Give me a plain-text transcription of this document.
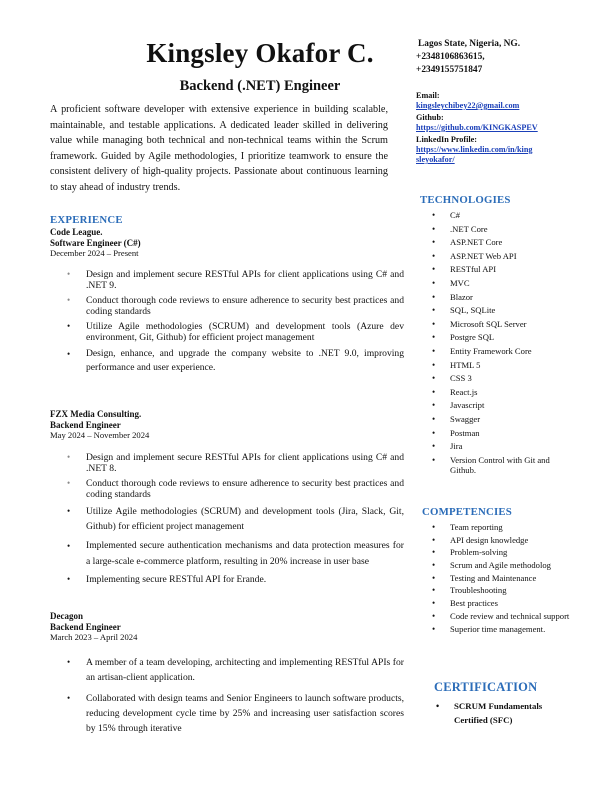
Kingsley Okafor C.
Backend (.NET) Engineer
A proficient software developer with extensive experience in building scalable, maintainable, and testable applications. A dedicated leader skilled in delivering value while managing both technical and non-technical teams within the Scrum framework. Guided by Agile methodologies, I prioritize teamwork to ensure the consistent delivery of high-quality projects. Passionate about continuous learning to stay ahead of industry trends.
EXPERIENCE
Code League.
Software Engineer (C#)
December 2024 – Present
• Design and implement secure RESTful APIs for client applications using C# and .NET 9.
• Conduct thorough code reviews to ensure adherence to security best practices and coding standards
• Utilize Agile methodologies (SCRUM) and development tools (Azure dev environment, Git, Github) for efficient project management
• Design, enhance, and upgrade the company website to .NET 9.0, improving performance and user experience.
FZX Media Consulting.
Backend Engineer
May 2024 – November 2024
• Design and implement secure RESTful APIs for client applications using C# and .NET 8.
• Conduct thorough code reviews to ensure adherence to security best practices and coding standards
• Utilize Agile methodologies (SCRUM) and development tools (Jira, Slack, Git, Github) for efficient project management
• Implemented secure authentication mechanisms and data protection measures for a large-scale e-commerce platform, resulting in 20% increase in user base
• Implementing secure RESTful API for Erande.
Decagon
Backend Engineer
March 2023 – April 2024
• A member of a team developing, architecting and implementing RESTful APIs for an artisan-client application.
• Collaborated with design teams and Senior Engineers to launch software products, reducing development cycle time by 25% and increasing user satisfaction scores by 15% through iterative
Lagos State, Nigeria, NG.
+2348106863615,
+2349155751847
Email:
kingsleychibey22@gmail.com
Github:
https://github.com/KINGKASPEV
LinkedIn Profile:
https://www.linkedin.com/in/king
sleyokafor/
TECHNOLOGIES
• C#
• .NET Core
• ASP.NET Core
• ASP.NET Web API
• RESTful API
• MVC
• Blazor
• SQL, SQLite
• Microsoft SQL Server
• Postgre SQL
• Entity Framework Core
• HTML 5
• CSS 3
• React.js
• Javascript
• Swagger
• Postman
• Jira
• Version Control with Git and Github.
COMPETENCIES
• Team reporting
• API design knowledge
• Problem-solving
• Scrum and Agile methodolog
• Testing and Maintenance
• Troubleshooting
• Best practices
• Code review and technical support
• Superior time management.
CERTIFICATION
• SCRUM Fundamentals Certified (SFC)
